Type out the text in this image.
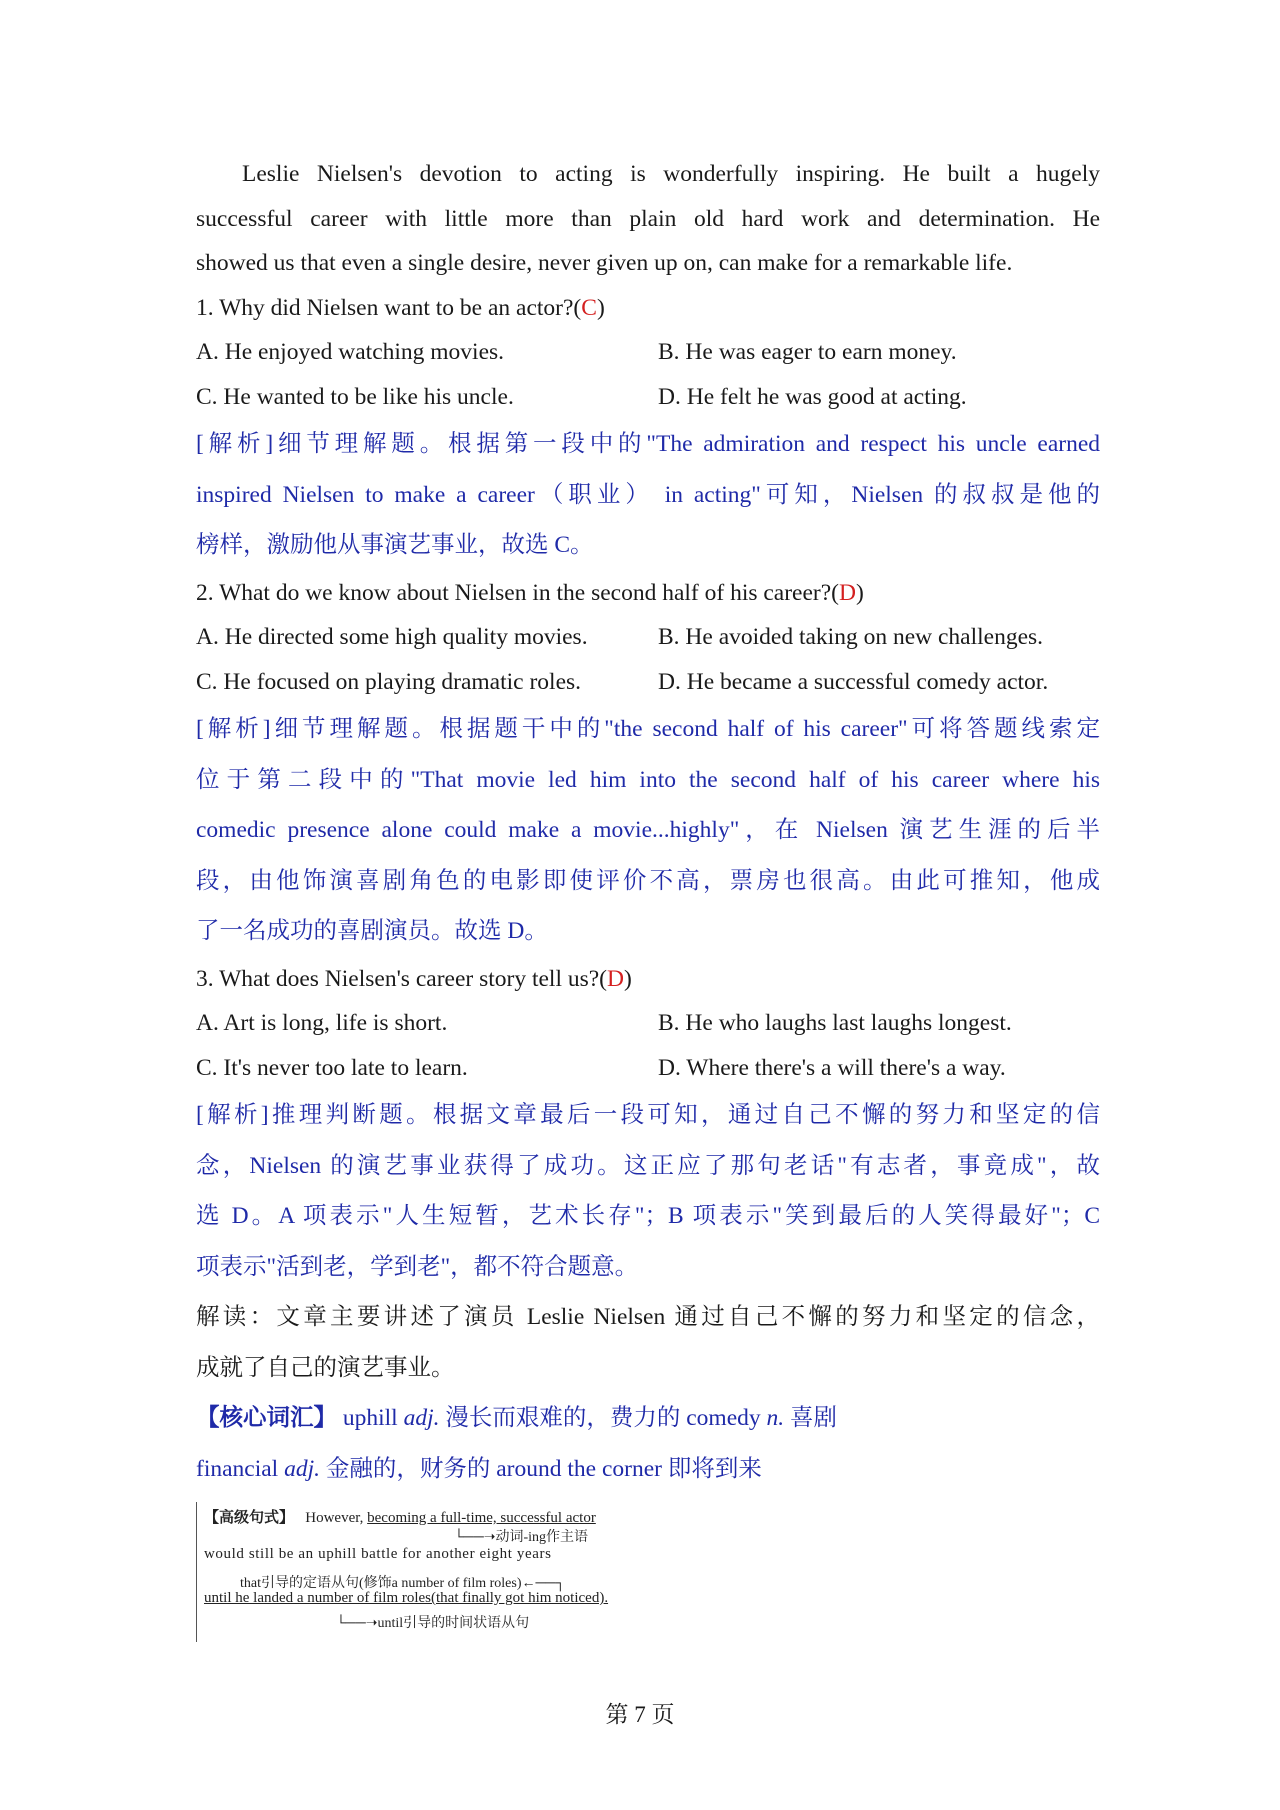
Leslie Nielsen's devotion to acting is wonderfully inspiring. He built a hugely
successful career with little more than plain old hard work and determination. He
showed us that even a single desire, never given up on, can make for a remarkable life.
1. Why did Nielsen want to be an actor?(C)
A. He enjoyed watching movies.	B. He was eager to earn money.
C. He wanted to be like his uncle.	D. He felt he was good at acting.
[解析]细节理解题。根据第一段中的"The admiration and respect his uncle earned
inspired Nielsen to make a career（职业） in acting"可知，Nielsen 的叔叔是他的
榜样，激励他从事演艺事业，故选 C。
2. What do we know about Nielsen in the second half of his career?(D)
A. He directed some high quality movies.	B. He avoided taking on new challenges.
C. He focused on playing dramatic roles.	D. He became a successful comedy actor.
[解析]细节理解题。根据题干中的"the second half of his career"可将答题线索定
位于第二段中的"That movie led him into the second half of his career where his
comedic presence alone could make a movie...highly"，在 Nielsen 演艺生涯的后半
段，由他饰演喜剧角色的电影即使评价不高，票房也很高。由此可推知，他成
了一名成功的喜剧演员。故选 D。
3. What does Nielsen's career story tell us?(D)
A. Art is long, life is short.	B. He who laughs last laughs longest.
C. It's never too late to learn.	D. Where there's a will there's a way.
[解析]推理判断题。根据文章最后一段可知，通过自己不懈的努力和坚定的信
念，Nielsen 的演艺事业获得了成功。这正应了那句老话"有志者，事竟成"，故
选 D。A 项表示"人生短暂，艺术长存"；B 项表示"笑到最后的人笑得最好"；C
项表示"活到老，学到老"，都不符合题意。
解读：文章主要讲述了演员 Leslie Nielsen 通过自己不懈的努力和坚定的信念，
成就了自己的演艺事业。
【核心词汇】 uphill adj. 漫长而艰难的，费力的 comedy n. 喜剧
financial adj. 金融的，财务的 around the corner 即将到来
【高级句式】 However, becoming a full-time, successful actor
└──➝动词-ing作主语
would still be an uphill battle for another eight years
that引导的定语从句(修饰a number of film roles)←──┐
until he landed a number of film roles(that finally got him noticed).
└──➝until引导的时间状语从句
第 7 页
